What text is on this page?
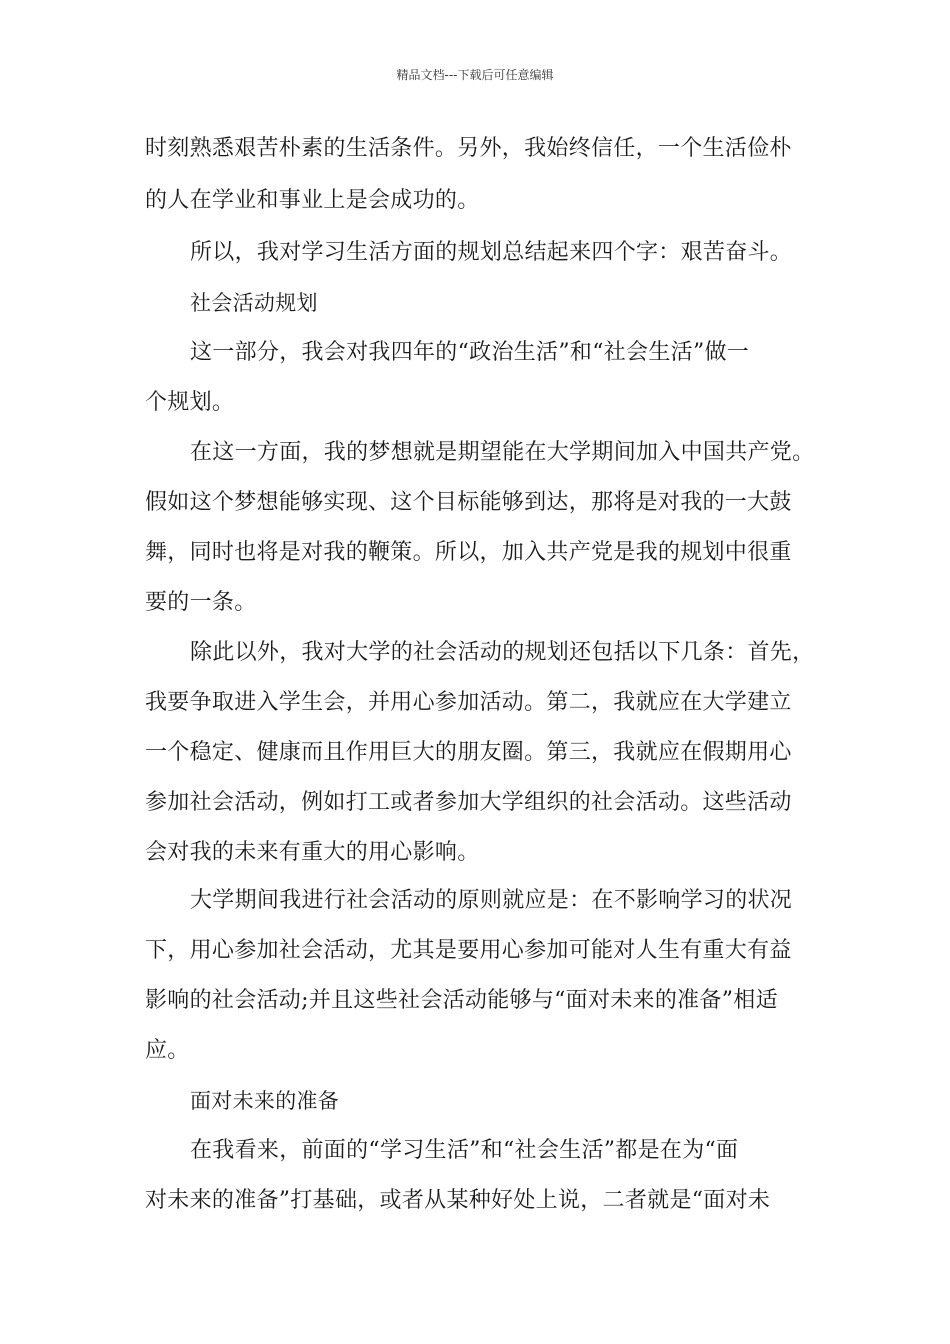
精品文档---下载后可任意编辑
时刻熟悉艰苦朴素的生活条件。另外，我始终信任，一个生活俭朴
的人在学业和事业上是会成功的。
所以，我对学习生活方面的规划总结起来四个字：艰苦奋斗。
社会活动规划
这一部分，我会对我四年的“政治生活”和“社会生活”做一
个规划。
在这一方面，我的梦想就是期望能在大学期间加入中国共产党。
假如这个梦想能够实现、这个目标能够到达，那将是对我的一大鼓
舞，同时也将是对我的鞭策。所以，加入共产党是我的规划中很重
要的一条。
除此以外，我对大学的社会活动的规划还包括以下几条：首先，
我要争取进入学生会，并用心参加活动。第二，我就应在大学建立
一个稳定、健康而且作用巨大的朋友圈。第三，我就应在假期用心
参加社会活动，例如打工或者参加大学组织的社会活动。这些活动
会对我的未来有重大的用心影响。
大学期间我进行社会活动的原则就应是：在不影响学习的状况
下，用心参加社会活动，尤其是要用心参加可能对人生有重大有益
影响的社会活动;并且这些社会活动能够与“面对未来的准备”相适
应。
面对未来的准备
在我看来，前面的“学习生活”和“社会生活”都是在为“面
对未来的准备”打基础，或者从某种好处上说，二者就是“面对未
